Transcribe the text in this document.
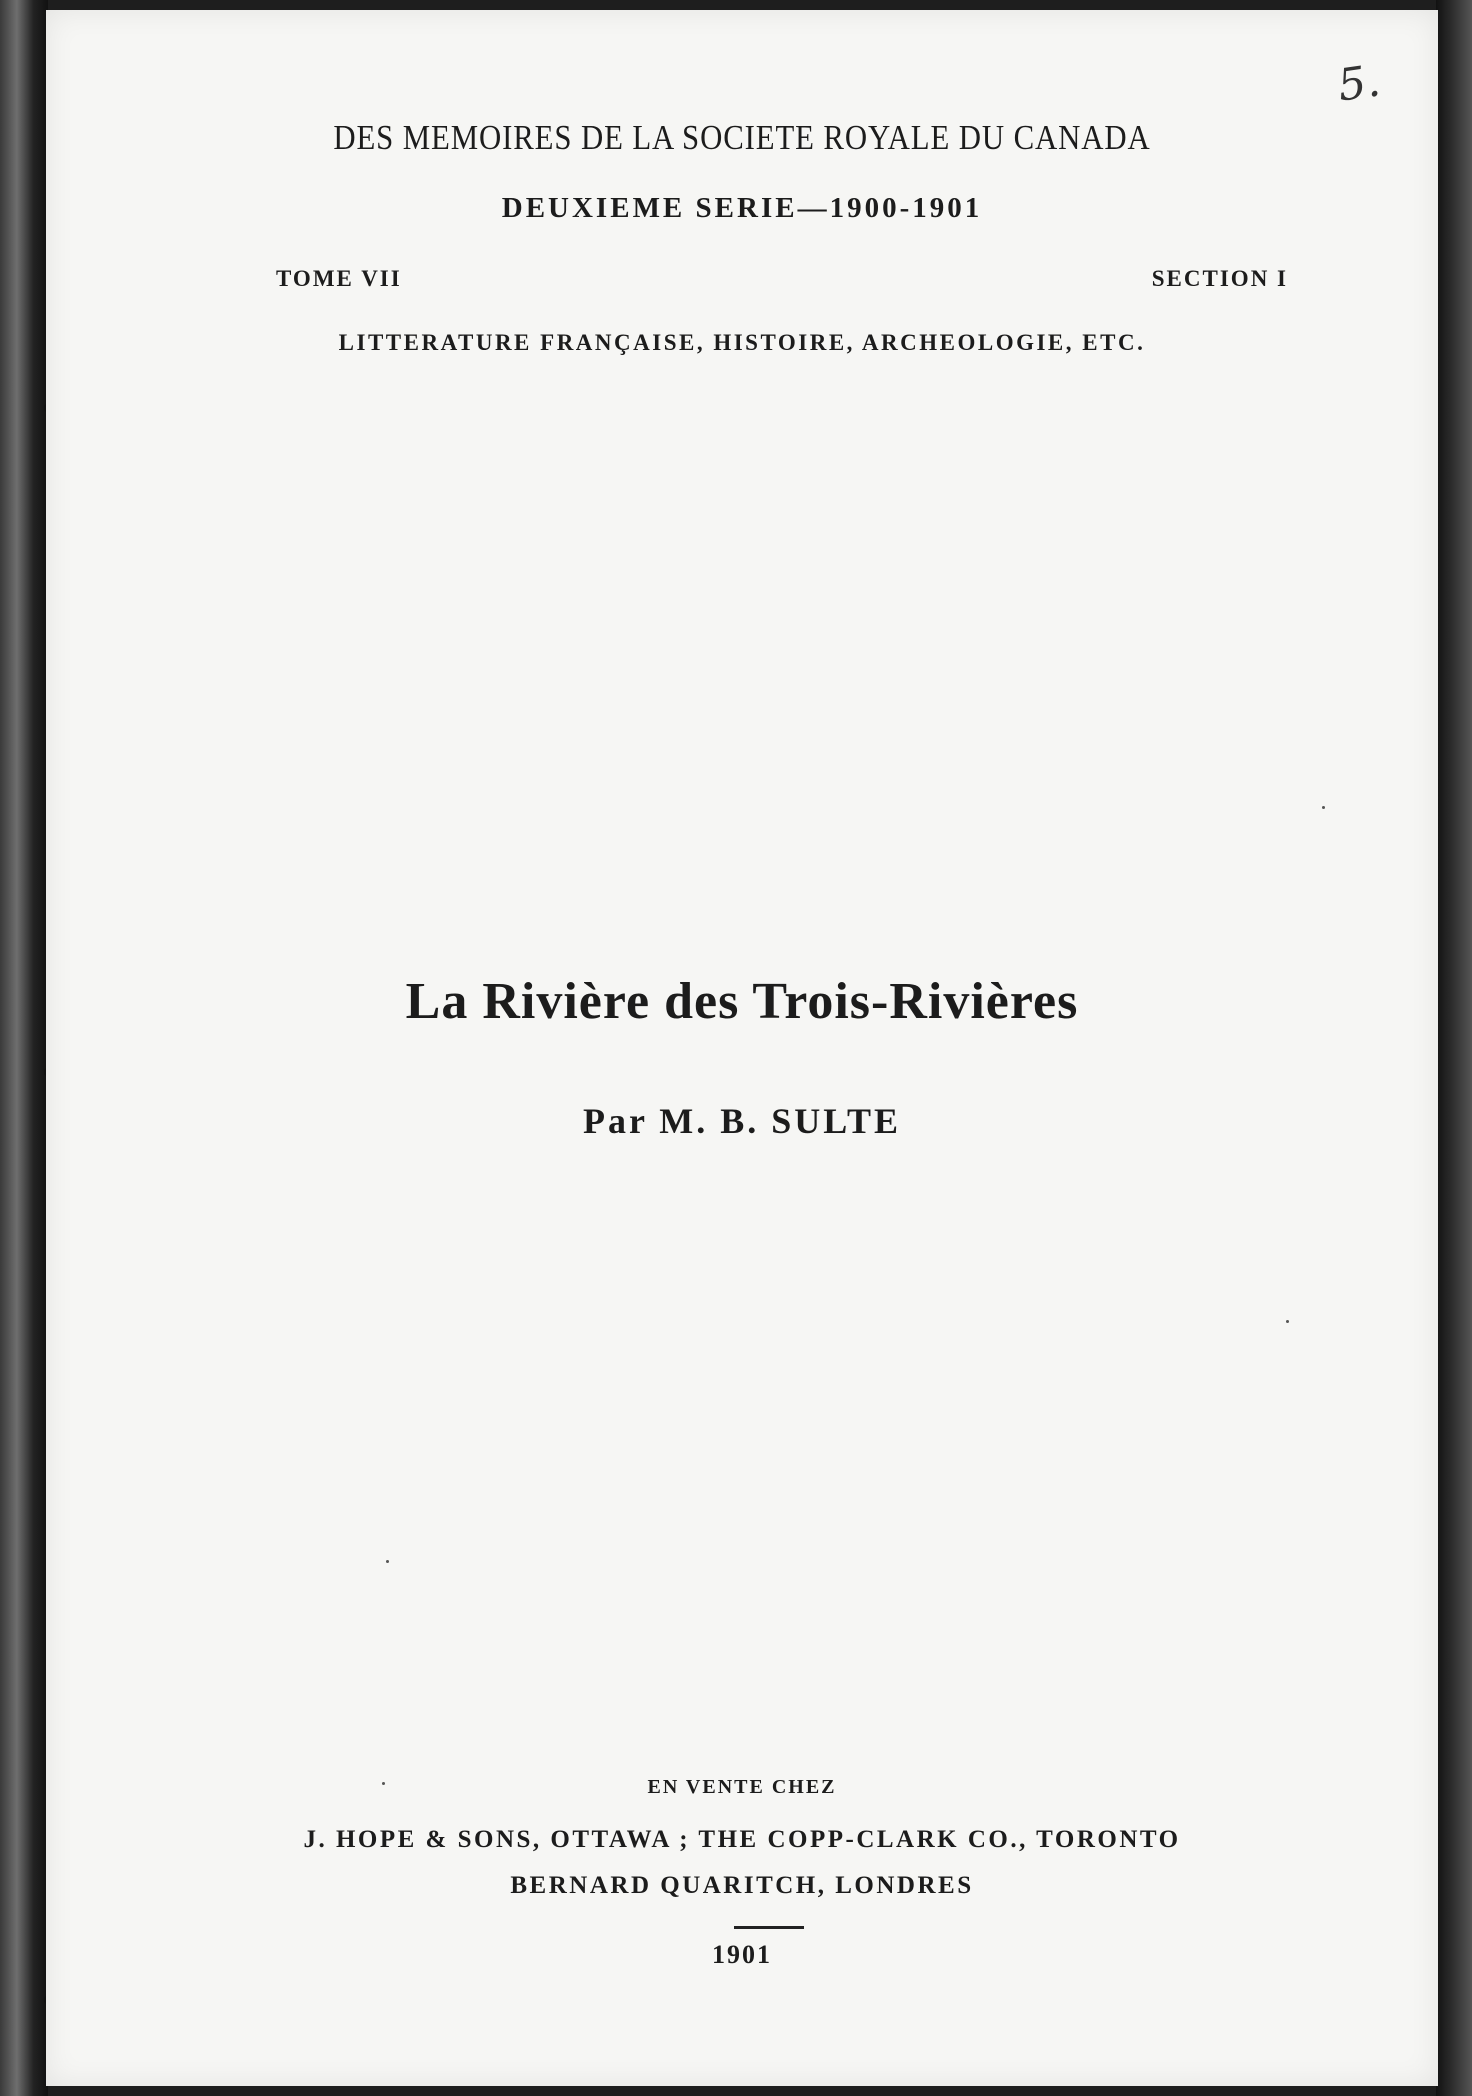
5.
DES MEMOIRES DE LA SOCIETE ROYALE DU CANADA
DEUXIEME SERIE—1900-1901
TOME VII	SECTION I
LITTERATURE FRANÇAISE, HISTOIRE, ARCHEOLOGIE, ETC.
La Rivière des Trois-Rivières
Par M. B. SULTE
EN VENTE CHEZ
J. HOPE & SONS, OTTAWA ; THE COPP-CLARK CO., TORONTO
BERNARD QUARITCH, LONDRES
1901
